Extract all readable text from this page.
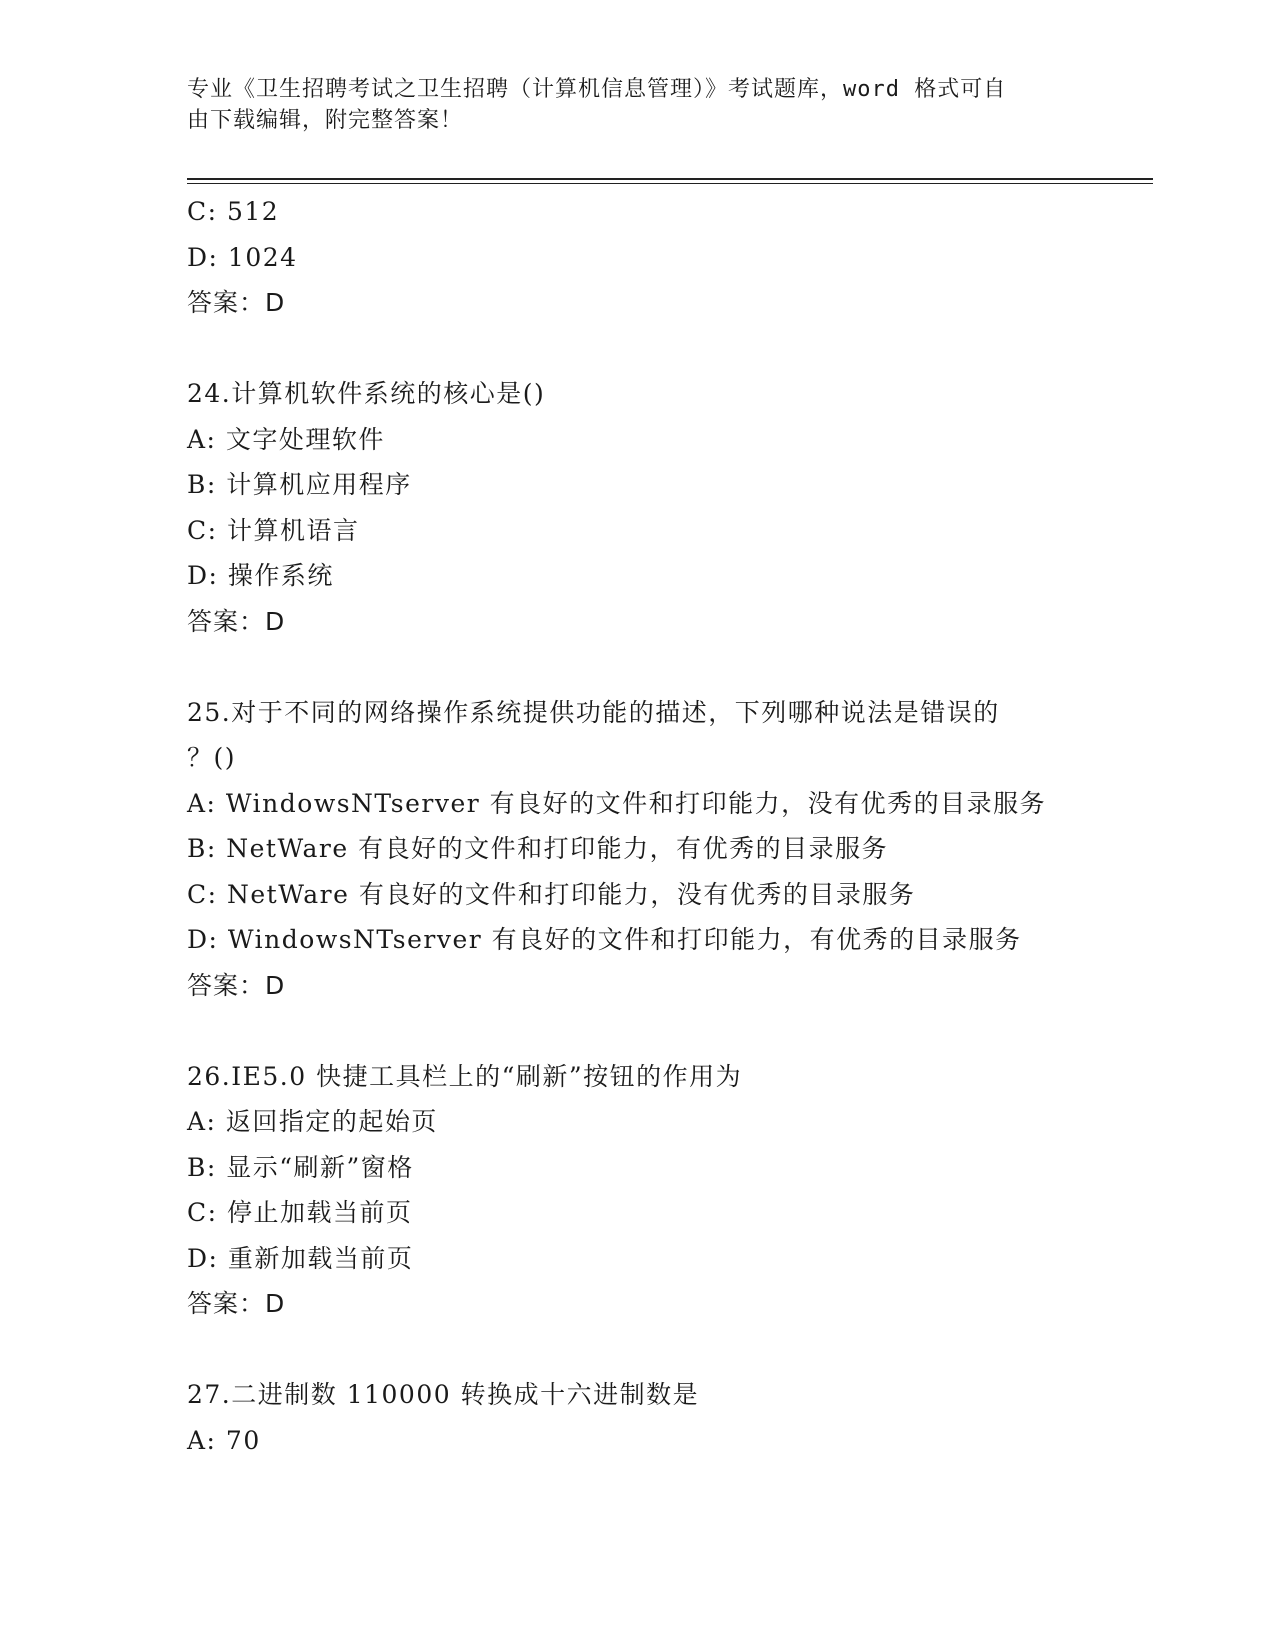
专业《卫生招聘考试之卫生招聘（计算机信息管理）》考试题库，word 格式可自
由下载编辑，附完整答案！
C: 512
D: 1024
答案：D
24.计算机软件系统的核心是()
A: 文字处理软件
B: 计算机应用程序
C: 计算机语言
D: 操作系统
答案：D
25.对于不同的网络操作系统提供功能的描述，下列哪种说法是错误的
？()
A: WindowsNTserver 有良好的文件和打印能力，没有优秀的目录服务
B: NetWare 有良好的文件和打印能力，有优秀的目录服务
C: NetWare 有良好的文件和打印能力，没有优秀的目录服务
D: WindowsNTserver 有良好的文件和打印能力，有优秀的目录服务
答案：D
26.IE5.0 快捷工具栏上的“刷新”按钮的作用为
A: 返回指定的起始页
B: 显示“刷新”窗格
C: 停止加载当前页
D: 重新加载当前页
答案：D
27.二进制数 110000 转换成十六进制数是
A: 70
